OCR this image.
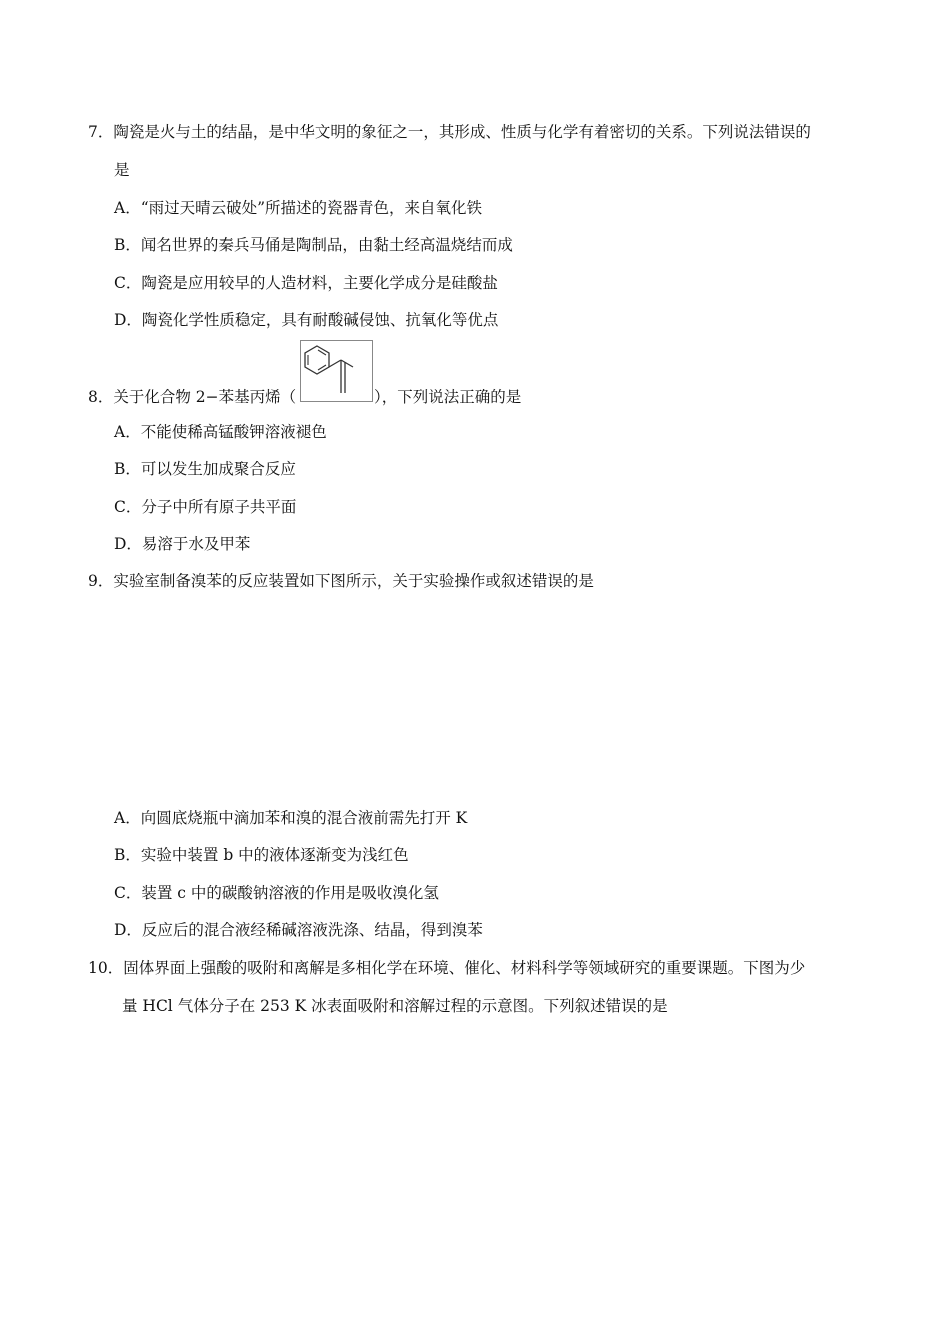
7．陶瓷是火与土的结晶，是中华文明的象征之一，其形成、性质与化学有着密切的关系。下列说法错误的
是
A．“雨过天晴云破处”所描述的瓷器青色，来自氧化铁
B．闻名世界的秦兵马俑是陶制品，由黏土经高温烧结而成
C．陶瓷是应用较早的人造材料，主要化学成分是硅酸盐
D．陶瓷化学性质稳定，具有耐酸碱侵蚀、抗氧化等优点
8．关于化合物 2−苯基丙烯（	），下列说法正确的是
A．不能使稀高锰酸钾溶液褪色
B．可以发生加成聚合反应
C．分子中所有原子共平面
D．易溶于水及甲苯
9．实验室制备溴苯的反应装置如下图所示，关于实验操作或叙述错误的是
A．向圆底烧瓶中滴加苯和溴的混合液前需先打开 K
B．实验中装置 b 中的液体逐渐变为浅红色
C．装置 c 中的碳酸钠溶液的作用是吸收溴化氢
D．反应后的混合液经稀碱溶液洗涤、结晶，得到溴苯
10．固体界面上强酸的吸附和离解是多相化学在环境、催化、材料科学等领域研究的重要课题。下图为少
量 HCl 气体分子在 253 K 冰表面吸附和溶解过程的示意图。下列叙述错误的是
